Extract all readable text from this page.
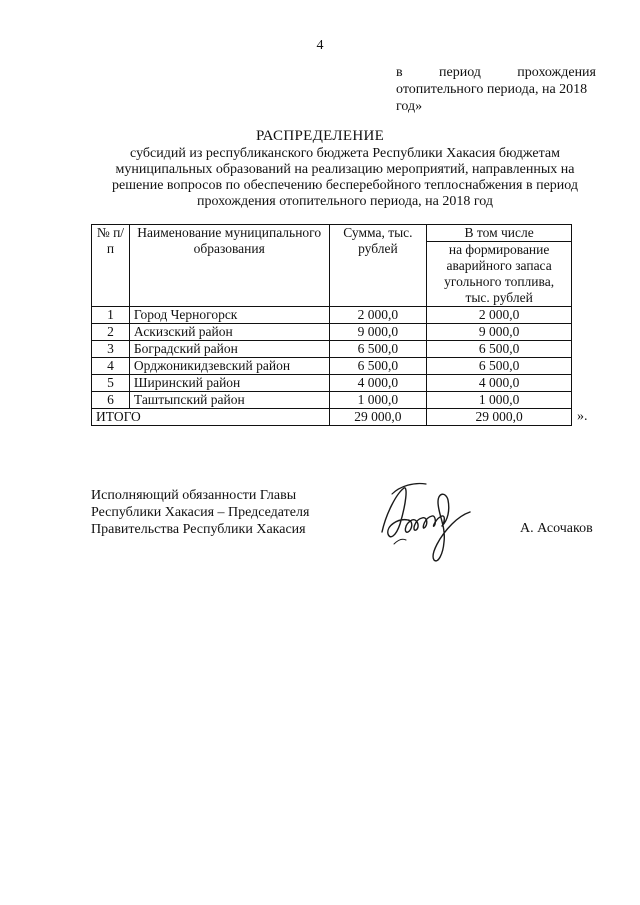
4
в	период	прохождения
отопительного периода, на 2018
год»
РАСПРЕДЕЛЕНИЕ
субсидий из республиканского бюджета Республики Хакасия бюджетам муниципальных образований на реализацию мероприятий, направленных на решение вопросов по обеспечению бесперебойного теплоснабжения в период прохождения отопительного периода, на 2018 год
№ п/п	Наименование муниципального образования	Сумма, тыс. рублей	В том числе
			на формирование аварийного запаса угольного топлива, тыс. рублей
1	Город Черногорск	2 000,0	2 000,0
2	Аскизский район	9 000,0	9 000,0
3	Боградский район	6 500,0	6 500,0
4	Орджоникидзевский район	6 500,0	6 500,0
5	Ширинский район	4 000,0	4 000,0
6	Таштыпский район	1 000,0	1 000,0
ИТОГО		29 000,0	29 000,0	».
Исполняющий обязанности Главы
Республики Хакасия – Председателя
Правительства Республики Хакасия	А. Асочаков
